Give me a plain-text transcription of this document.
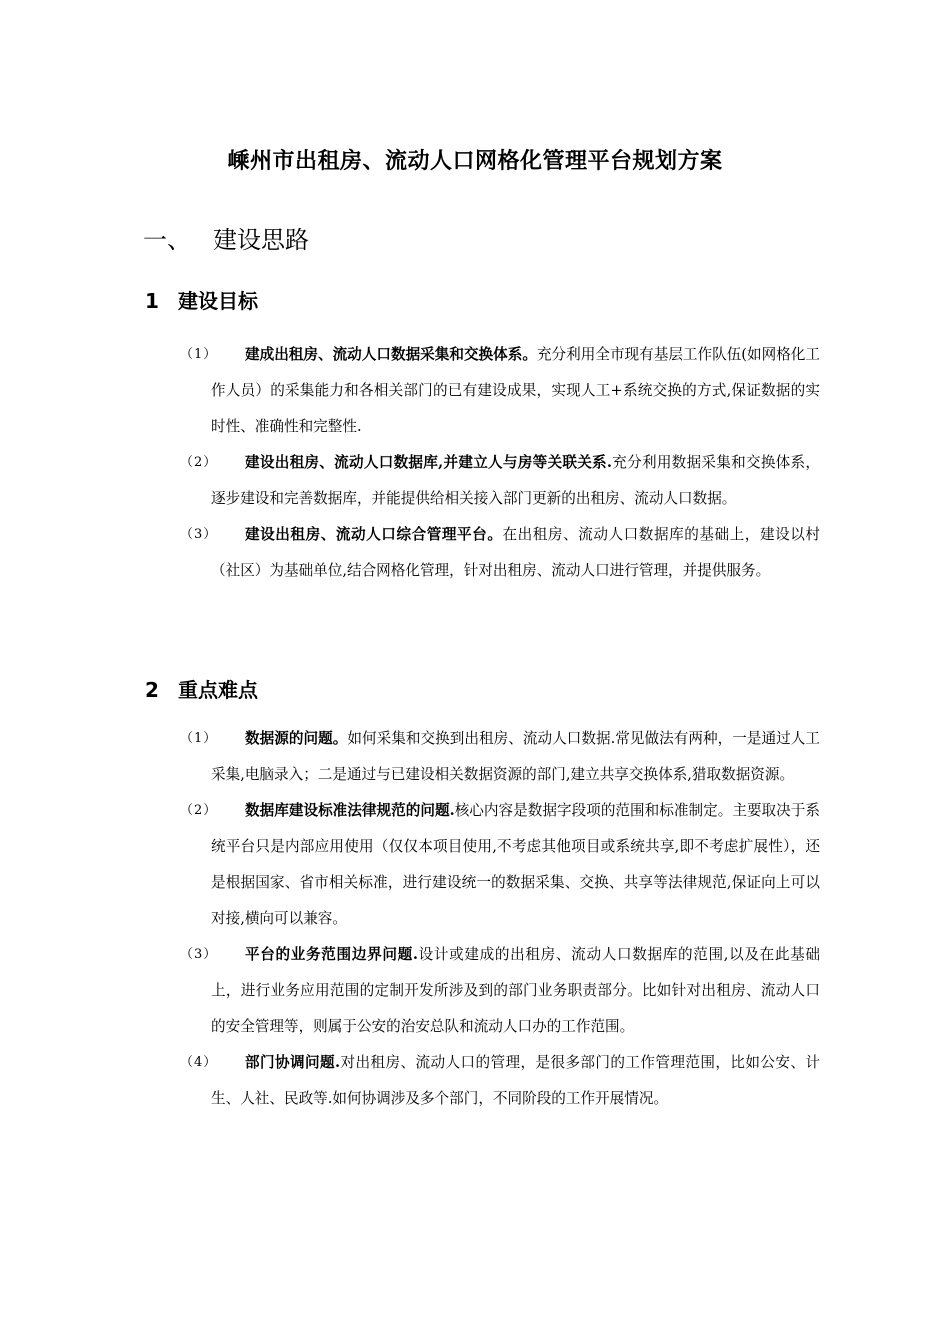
嵊州市出租房、流动人口网格化管理平台规划方案
一、 建设思路
1 建设目标
（1）	建成出租房、流动人口数据采集和交换体系。充分利用全市现有基层工作队伍(如网格化工作人员）的采集能力和各相关部门的已有建设成果，实现人工+系统交换的方式,保证数据的实时性、准确性和完整性.
（2）	建设出租房、流动人口数据库,并建立人与房等关联关系.充分利用数据采集和交换体系，逐步建设和完善数据库，并能提供给相关接入部门更新的出租房、流动人口数据。
（3）	建设出租房、流动人口综合管理平台。在出租房、流动人口数据库的基础上，建设以村（社区）为基础单位,结合网格化管理，针对出租房、流动人口进行管理，并提供服务。
2 重点难点
（1）	数据源的问题。如何采集和交换到出租房、流动人口数据.常见做法有两种，一是通过人工采集,电脑录入；二是通过与已建设相关数据资源的部门,建立共享交换体系,猎取数据资源。
（2）	数据库建设标准法律规范的问题.核心内容是数据字段项的范围和标准制定。主要取决于系统平台只是内部应用使用（仅仅本项目使用,不考虑其他项目或系统共享,即不考虑扩展性），还是根据国家、省市相关标准，进行建设统一的数据采集、交换、共享等法律规范,保证向上可以对接,横向可以兼容。
（3）	平台的业务范围边界问题.设计或建成的出租房、流动人口数据库的范围,以及在此基础上，进行业务应用范围的定制开发所涉及到的部门业务职责部分。比如针对出租房、流动人口的安全管理等，则属于公安的治安总队和流动人口办的工作范围。
（4）	部门协调问题.对出租房、流动人口的管理，是很多部门的工作管理范围，比如公安、计生、人社、民政等.如何协调涉及多个部门，不同阶段的工作开展情况。
